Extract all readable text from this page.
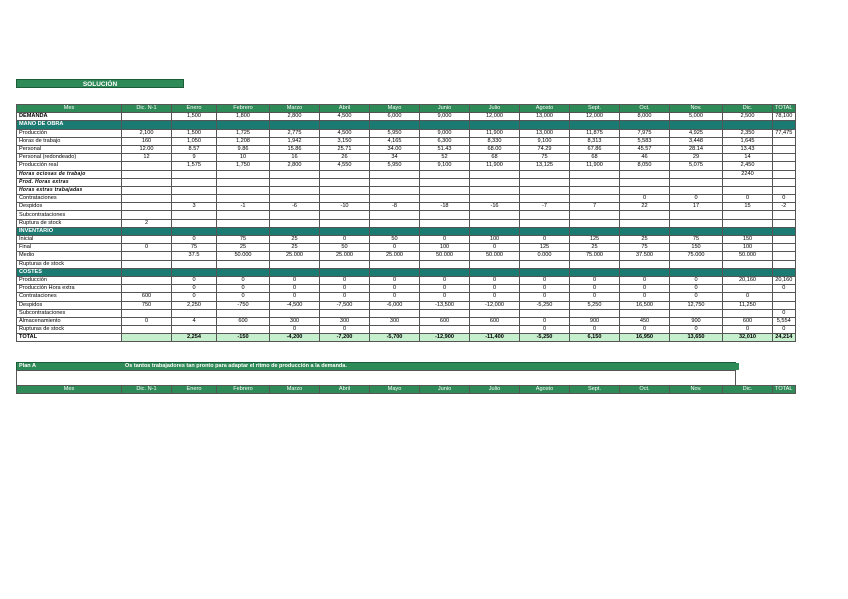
SOLUCIÓN
Mes	Dic. N-1	Enero	Febrero	Marzo	Abril	Mayo	Junio	Julio	Agosto	Sept.	Oct.	Nov.	Dic.	TOTAL
DEMANDA		1,500	1,800	2,800	4,500	6,000	9,000	12,000	13,000	12,000	8,000	5,000	2,500	78,100
MANO DE OBRA														
Producción	2,100	1,500	1,725	2,775	4,500	5,950	9,000	11,900	13,000	11,875	7,975	4,925	2,350	77,475
Horas de trabajo	160	1,050	1,208	1,942	3,150	4,165	6,300	8,330	9,100	8,313	5,583	3,448	1,645	
Personal	12.00	8.57	9.86	15.86	25.71	34.00	51.43	68.00	74.29	67.86	45.57	28.14	13.43	
Personal (redondeado)	12	9	10	16	26	34	52	68	75	68	46	29	14	
Producción real		1,575	1,750	2,800	4,550	5,950	9,100	11,900	13,125	11,900	8,050	5,075	2,450	
Horas ociosas de trabajo													2240	
Prod. Horas extras														
Horas extras trabajadas														
Contrataciones											0	0	0	0
Despidos		3	-1	-6	-10	-8	-18	-16	-7	7	22	17	15	-2
Subcontrataciones														
Ruptura de stock	2													
INVENTARIO														
Inicial		0	75	25	0	50	0	100	0	125	25	75	150	
Final	0	75	25	25	50	0	100	0	125	25	75	150	100	
Medio		37.5	50.000	25.000	25.000	25.000	50.000	50.000	0.000	75.000	37.500	75.000	50.000	
Rupturas de stock														
COSTES														
Producción		0	0	0	0	0	0	0	0	0	0	0	20,160	20,160
Producción Hora extra		0	0	0	0	0	0	0	0	0	0	0		0
Contrataciones	600	0	0	0	0	0	0	0	0	0	0	0	0	
Despidos	750	2,250	-750	-4,500	-7,500	-6,000	-13,500	-12,000	-5,250	5,250	16,500	12,750	11,250	
Subcontrataciones														0
Almacenamiento	0	4	600	300	300	300	600	600	0	900	450	900	600	5,554
Rupturas de stock				0	0				0	0	0	0	0	0
TOTAL		2,254	-150	-4,200	-7,200	-5,700	-12,900	-11,400	-5,250	6,150	16,950	13,650	32,010	24,214
Plan A	Os tantos trabajadores tan pronto para adaptar el ritmo de producción a la demanda.
Mes	Dic. N-1	Enero	Febrero	Marzo	Abril	Mayo	Junio	Julio	Agosto	Sept.	Oct.	Nov.	Dic.	TOTAL
